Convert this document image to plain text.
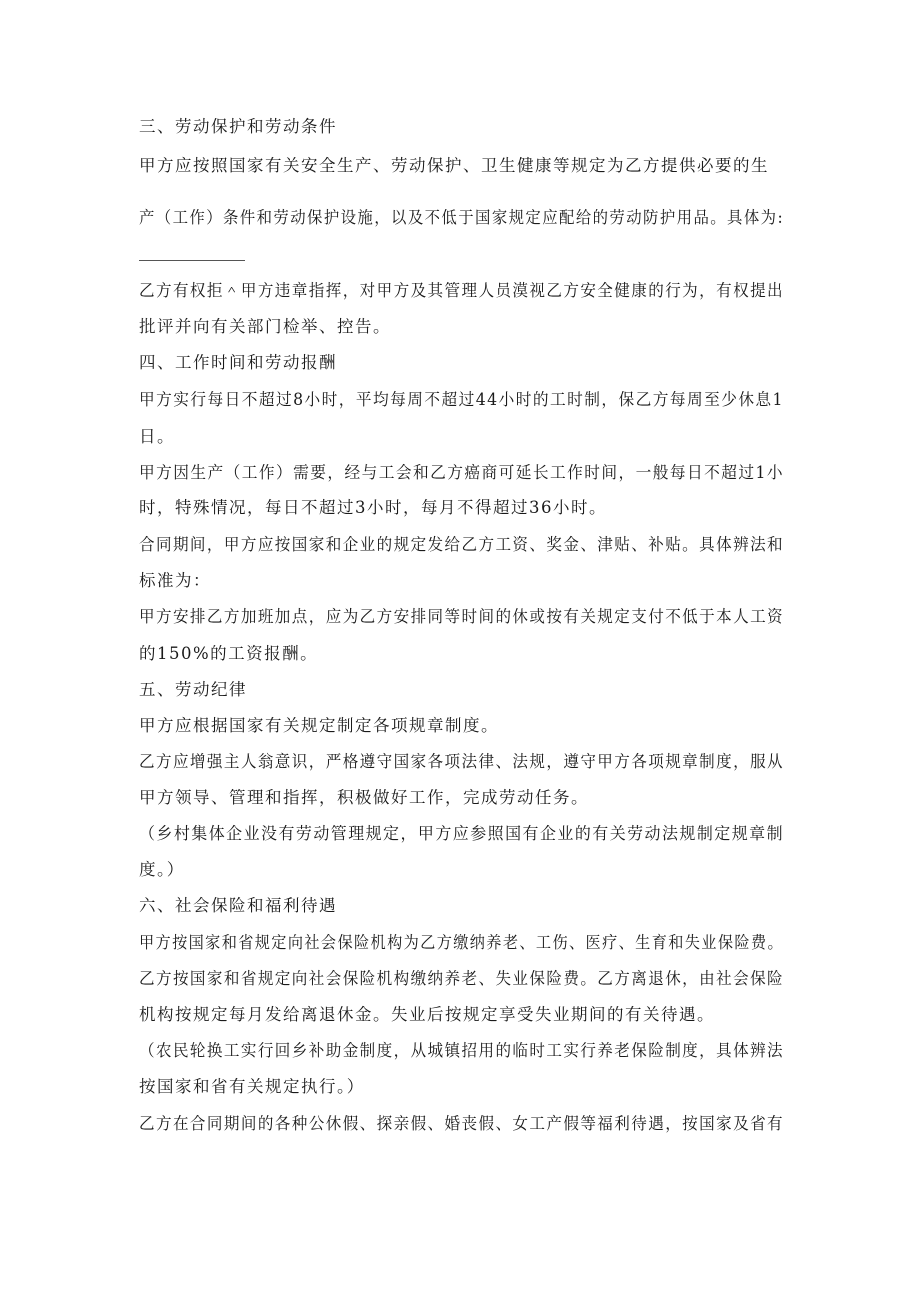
三、劳动保护和劳动条件
甲方应按照国家有关安全生产、劳动保护、卫生健康等规定为乙方提供必要的生
产（工作）条件和劳动保护设施，以及不低于国家规定应配给的劳动防护用品。具体为:
乙方有权拒＾甲方违章指挥，对甲方及其管理人员漠视乙方安全健康的行为，有权提出
批评并向有关部门检举、控告。
四、工作时间和劳动报酬
甲方实行每日不超过8小时，平均每周不超过44小时的工时制，保乙方每周至少休息1
日。
甲方因生产（工作）需要，经与工会和乙方癌商可延长工作时间，一般每日不超过1小
时，特殊情况，每日不超过3小时，每月不得超过36小时。
合同期间，甲方应按国家和企业的规定发给乙方工资、奖金、津贴、补贴。具体辨法和
标准为：
甲方安排乙方加班加点，应为乙方安排同等时间的休或按有关规定支付不低于本人工资
的150%的工资报酬。
五、劳动纪律
甲方应根据国家有关规定制定各项规章制度。
乙方应增强主人翁意识，严格遵守国家各项法律、法规，遵守甲方各项规章制度，服从
甲方领导、管理和指挥，积极做好工作，完成劳动任务。
（乡村集体企业没有劳动管理规定，甲方应参照国有企业的有关劳动法规制定规章制
度。）
六、社会保险和福利待遇
甲方按国家和省规定向社会保险机构为乙方缴纳养老、工伤、医疗、生育和失业保险费。
乙方按国家和省规定向社会保险机构缴纳养老、失业保险费。乙方离退休，由社会保险
机构按规定每月发给离退休金。失业后按规定享受失业期间的有关待遇。
（农民轮换工实行回乡补助金制度，从城镇招用的临时工实行养老保险制度，具体辨法
按国家和省有关规定执行。）
乙方在合同期间的各种公休假、探亲假、婚丧假、女工产假等福利待遇，按国家及省有
